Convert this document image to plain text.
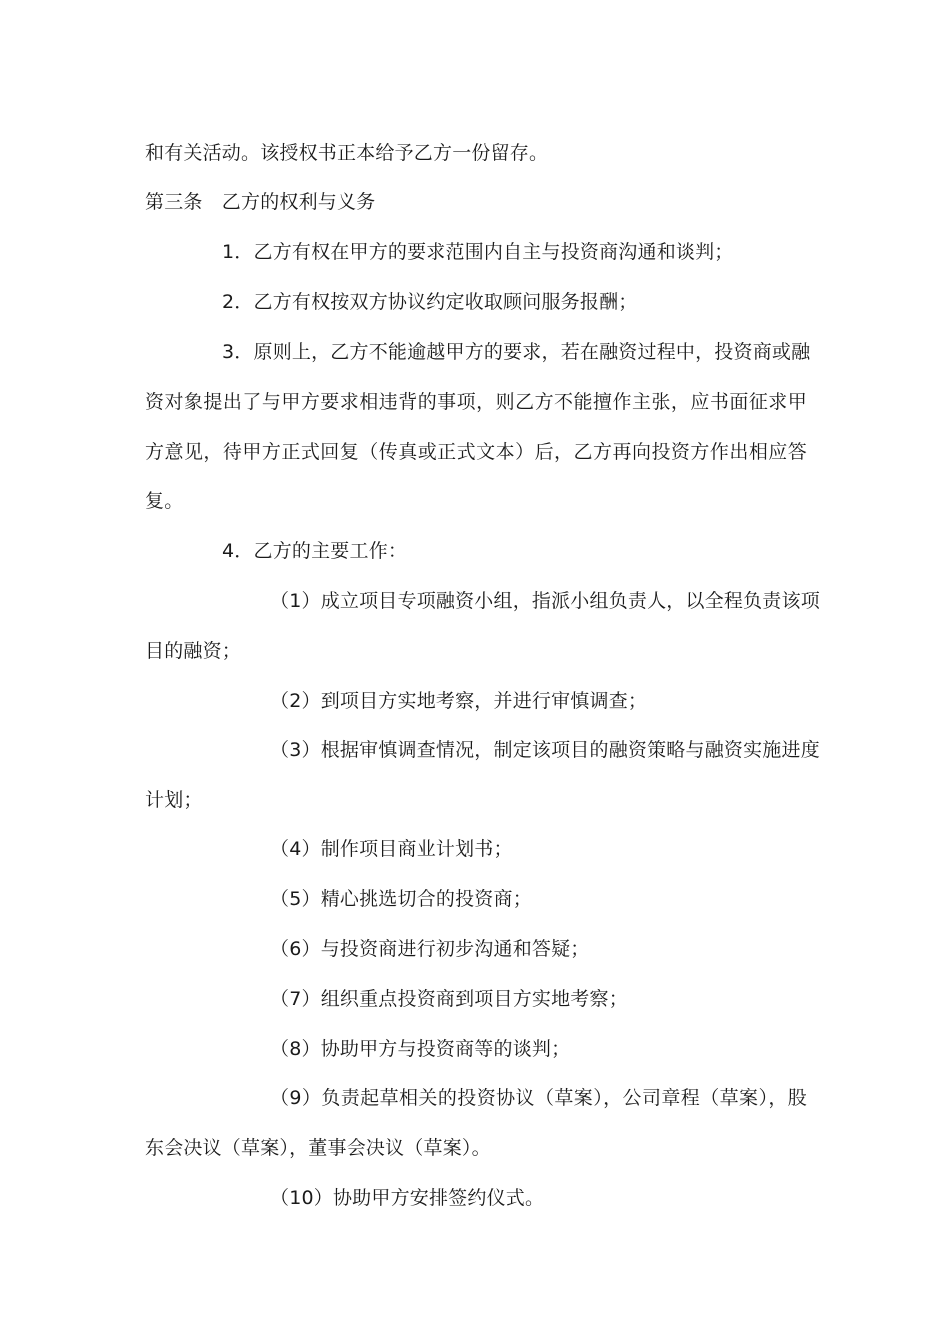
和有关活动。该授权书正本给予乙方一份留存。
第三条　乙方的权利与义务
1．乙方有权在甲方的要求范围内自主与投资商沟通和谈判；
2．乙方有权按双方协议约定收取顾问服务报酬；
3．原则上，乙方不能逾越甲方的要求，若在融资过程中，投资商或融
资对象提出了与甲方要求相违背的事项，则乙方不能擅作主张，应书面征求甲
方意见，待甲方正式回复（传真或正式文本）后，乙方再向投资方作出相应答
复。
4．乙方的主要工作：
（1）成立项目专项融资小组，指派小组负责人，以全程负责该项
目的融资；
（2）到项目方实地考察，并进行审慎调查；
（3）根据审慎调查情况，制定该项目的融资策略与融资实施进度
计划；
（4）制作项目商业计划书；
（5）精心挑选切合的投资商；
（6）与投资商进行初步沟通和答疑；
（7）组织重点投资商到项目方实地考察；
（8）协助甲方与投资商等的谈判；
（9）负责起草相关的投资协议（草案），公司章程（草案），股
东会决议（草案），董事会决议（草案）。
（10）协助甲方安排签约仪式。
